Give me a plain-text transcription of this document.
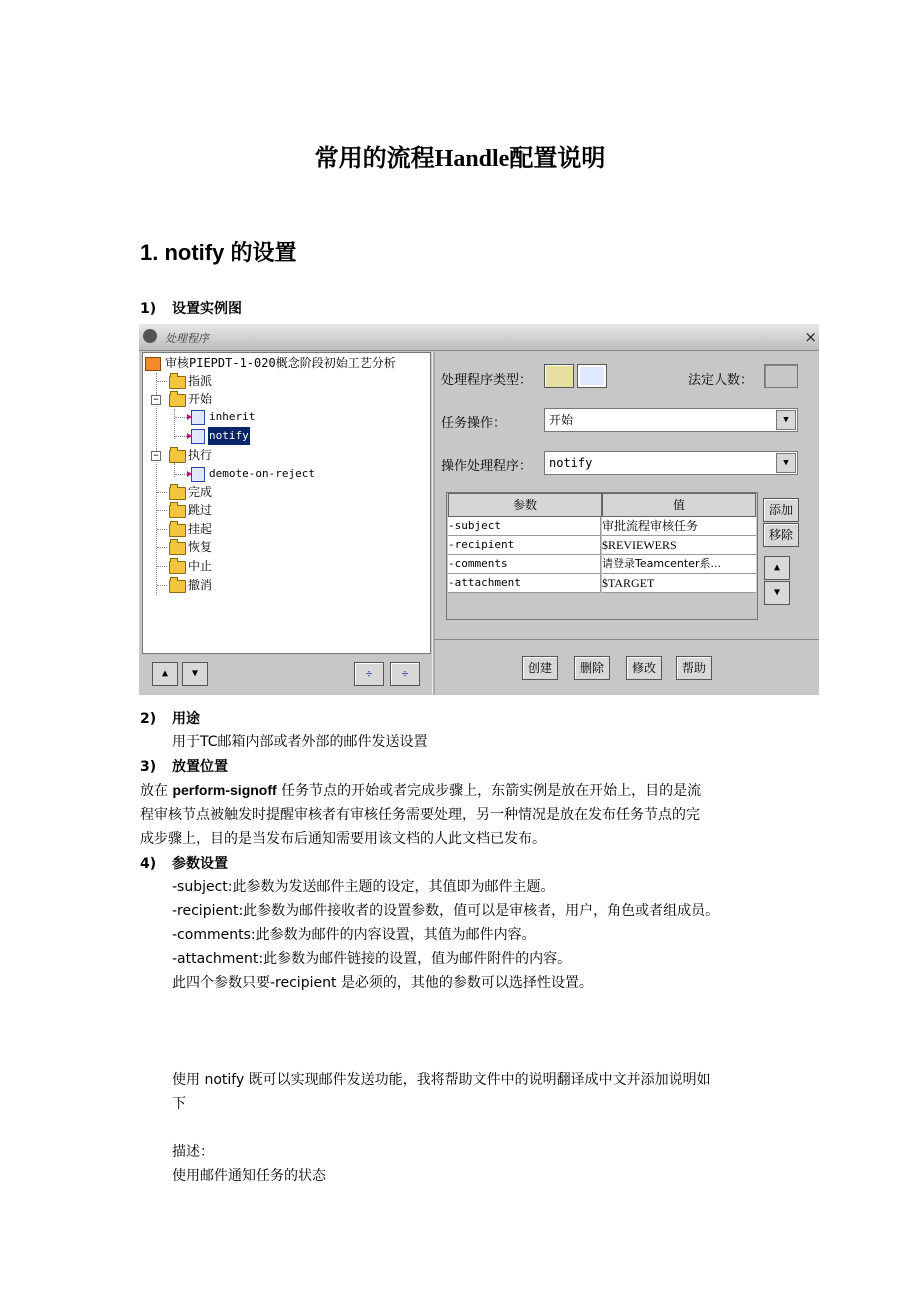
常用的流程Handle配置说明
1. notify 的设置
1) 设置实例图
处理程序	×
审核PIEPDT-1-020概念阶段初始工艺分析
指派
− 开始
inherit
notify
− 执行
demote-on-reject
完成
跳过
挂起
恢复
中止
撤消
▲	▼	÷	÷
处理程序类型：	法定人数：
任务操作：	开始	▼
操作处理程序： notify	▼
参数	值
-subject	审批流程审核任务
-recipient	$REVIEWERS
-comments	请登录Teamcenter系...
-attachment	$TARGET
添加
移除
▲
▼
创建	删除	修改	帮助
2) 用途
用于TC邮箱内部或者外部的邮件发送设置
3) 放置位置
放在 perform-signoff 任务节点的开始或者完成步骤上，东箭实例是放在开始上，目的是流
程审核节点被触发时提醒审核者有审核任务需要处理，另一种情况是放在发布任务节点的完
成步骤上，目的是当发布后通知需要用该文档的人此文档已发布。
4) 参数设置
-subject:此参数为发送邮件主题的设定，其值即为邮件主题。
-recipient:此参数为邮件接收者的设置参数，值可以是审核者，用户，角色或者组成员。
-comments:此参数为邮件的内容设置，其值为邮件内容。
-attachment:此参数为邮件链接的设置，值为邮件附件的内容。
此四个参数只要-recipient 是必须的，其他的参数可以选择性设置。
使用 notify 既可以实现邮件发送功能，我将帮助文件中的说明翻译成中文并添加说明如
下
描述：
使用邮件通知任务的状态
